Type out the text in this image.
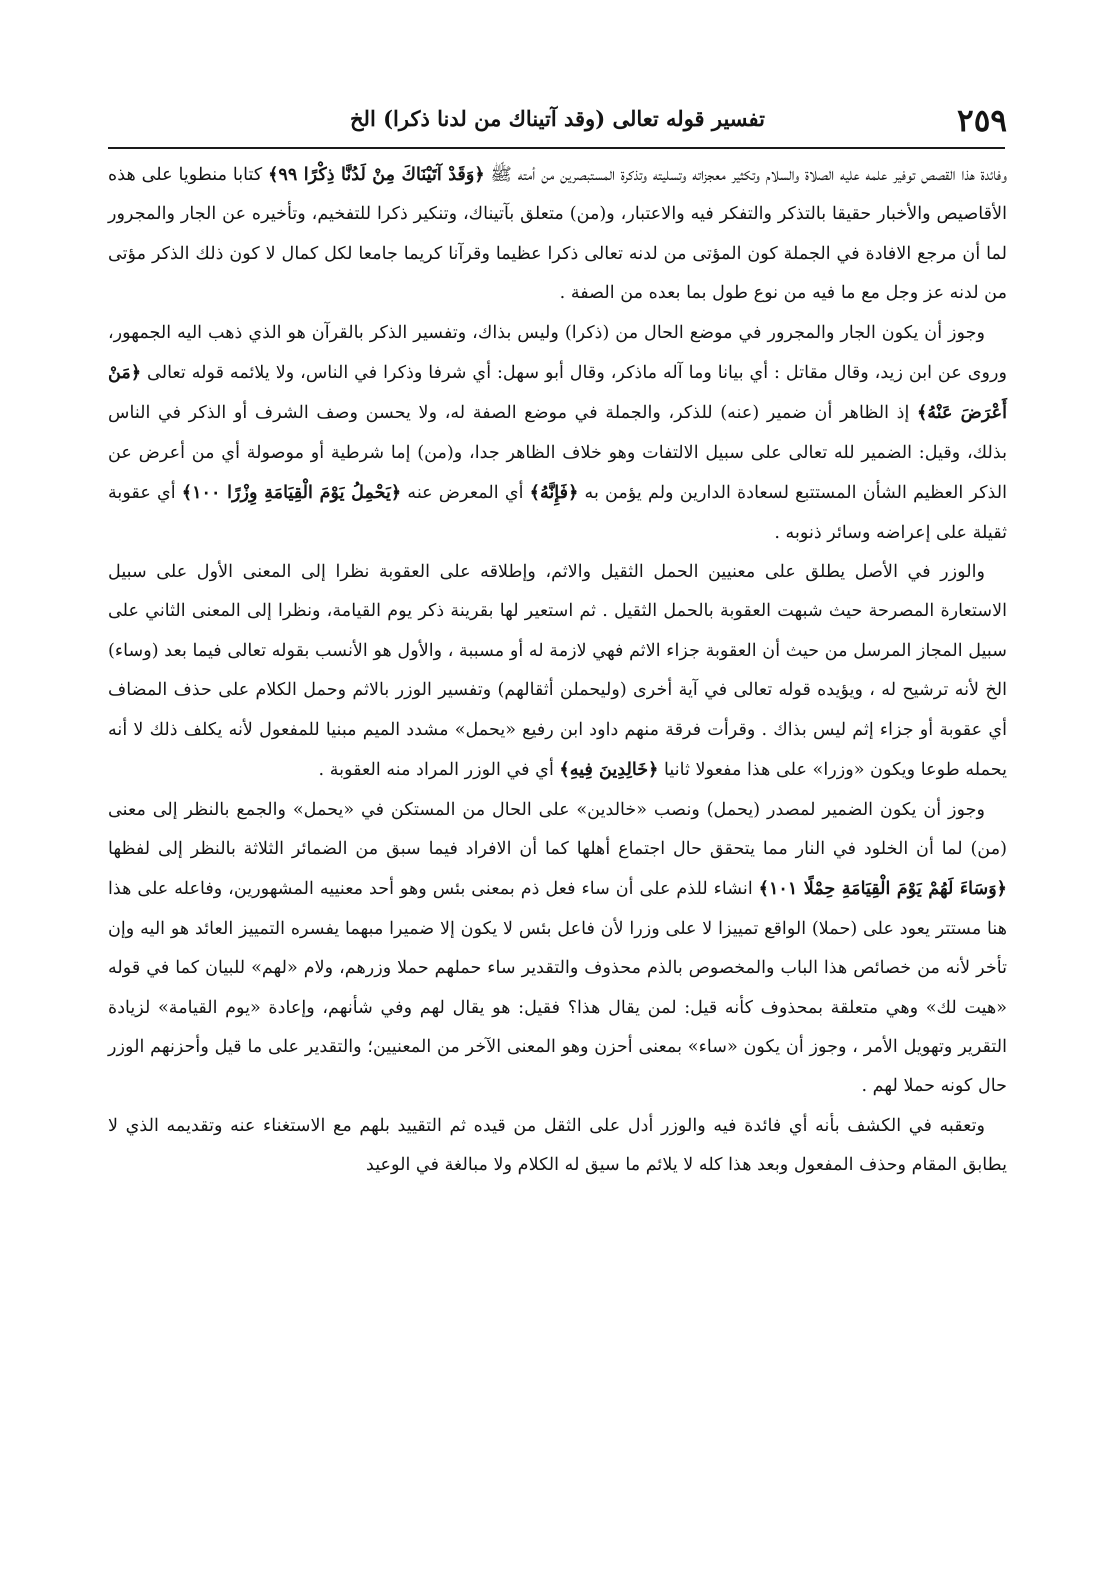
٢٥٩
تفسير قوله تعالى (وقد آتيناك من لدنا ذكرا) الخ

وفائدة هذا القصص توفير علمه عليه الصلاة والسلام وتكثير معجزاته وتسليته وتذكرة المستبصرين من أمته ﷺ ﴿وَقَدْ آتَيْنَاكَ مِنْ لَدُنَّا ذِكْرًا ٩٩﴾ كتابا منطويا على هذه الأقاصيص والأخبار حقيقا بالتذكر والتفكر فيه والاعتبار، و(من) متعلق بآتيناك، وتنكير ذكرا للتفخيم، وتأخيره عن الجار والمجرور لما أن مرجع الافادة في الجملة كون المؤتى من لدنه تعالى ذكرا عظيما وقرآنا كريما جامعا لكل كمال لا كون ذلك الذكر مؤتى من لدنه عز وجل مع ما فيه من نوع طول بما بعده من الصفة .

وجوز أن يكون الجار والمجرور في موضع الحال من (ذكرا) وليس بذاك، وتفسير الذكر بالقرآن هو الذي ذهب اليه الجمهور، وروى عن ابن زيد، وقال مقاتل : أي بيانا وما آله ماذكر، وقال أبو سهل: أي شرفا وذكرا في الناس، ولا يلائمه قوله تعالى ﴿مَنْ أَعْرَضَ عَنْهُ﴾ إذ الظاهر أن ضمير (عنه) للذكر، والجملة في موضع الصفة له، ولا يحسن وصف الشرف أو الذكر في الناس بذلك، وقيل: الضمير لله تعالى على سبيل الالتفات وهو خلاف الظاهر جدا، و(من) إما شرطية أو موصولة أي من أعرض عن الذكر العظيم الشأن المستتبع لسعادة الدارين ولم يؤمن به ﴿فَإِنَّهُ﴾ أي المعرض عنه ﴿يَحْمِلُ يَوْمَ الْقِيَامَةِ وِزْرًا ١٠٠﴾ أي عقوبة ثقيلة على إعراضه وسائر ذنوبه .

والوزر في الأصل يطلق على معنيين الحمل الثقيل والاثم، وإطلاقه على العقوبة نظرا إلى المعنى الأول على سبيل الاستعارة المصرحة حيث شبهت العقوبة بالحمل الثقيل . ثم استعير لها بقرينة ذكر يوم القيامة، ونظرا إلى المعنى الثاني على سبيل المجاز المرسل من حيث أن العقوبة جزاء الاثم فهي لازمة له أو مسببة ، والأول هو الأنسب بقوله تعالى فيما بعد (وساء) الخ لأنه ترشيح له ، ويؤيده قوله تعالى في آية أخرى (وليحملن أثقالهم) وتفسير الوزر بالاثم وحمل الكلام على حذف المضاف أي عقوبة أو جزاء إثم ليس بذاك . وقرأت فرقة منهم داود ابن رفيع «يحمل» مشدد الميم مبنيا للمفعول لأنه يكلف ذلك لا أنه يحمله طوعا ويكون «وزرا» على هذا مفعولا ثانيا ﴿خَالِدِينَ فِيهِ﴾ أي في الوزر المراد منه العقوبة .

وجوز أن يكون الضمير لمصدر (يحمل) ونصب «خالدين» على الحال من المستكن في «يحمل» والجمع بالنظر إلى معنى (من) لما أن الخلود في النار مما يتحقق حال اجتماع أهلها كما أن الافراد فيما سبق من الضمائر الثلاثة بالنظر إلى لفظها ﴿وَسَاءَ لَهُمْ يَوْمَ الْقِيَامَةِ حِمْلًا ١٠١﴾ انشاء للذم على أن ساء فعل ذم بمعنى بئس وهو أحد معنييه المشهورين، وفاعله على هذا هنا مستتر يعود على (حملا) الواقع تمييزا لا على وزرا لأن فاعل بئس لا يكون إلا ضميرا مبهما يفسره التمييز العائد هو اليه وإن تأخر لأنه من خصائص هذا الباب والمخصوص بالذم محذوف والتقدير ساء حملهم حملا وزرهم، ولام «لهم» للبيان كما في قوله «هيت لك» وهي متعلقة بمحذوف كأنه قيل: لمن يقال هذا؟ فقيل: هو يقال لهم وفي شأنهم، وإعادة «يوم القيامة» لزيادة التقرير وتهويل الأمر ، وجوز أن يكون «ساء» بمعنى أحزن وهو المعنى الآخر من المعنيين؛ والتقدير على ما قيل وأحزنهم الوزر حال كونه حملا لهم .

وتعقبه في الكشف بأنه أي فائدة فيه والوزر أدل على الثقل من قيده ثم التقييد بلهم مع الاستغناء عنه وتقديمه الذي لا يطابق المقام وحذف المفعول وبعد هذا كله لا يلائم ما سيق له الكلام ولا مبالغة في الوعيد
